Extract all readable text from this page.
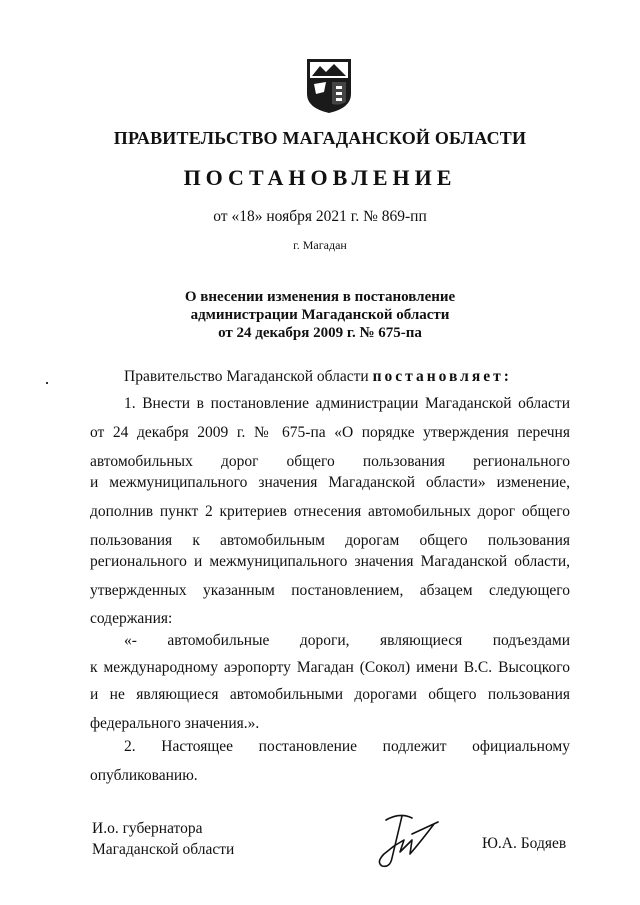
ПРАВИТЕЛЬСТВО МАГАДАНСКОЙ ОБЛАСТИ
ПОСТАНОВЛЕНИЕ
от «18» ноября 2021 г. № 869-пп
г. Магадан
О внесении изменения в постановление
администрации Магаданской области
от 24 декабря 2009 г. № 675-па
Правительство Магаданской области постановляет:
1. Внести в постановление администрации Магаданской области
от 24 декабря 2009 г. № 675-па «О порядке утверждения перечня
автомобильных дорог общего пользования регионального
и межмуниципального значения Магаданской области» изменение,
дополнив пункт 2 критериев отнесения автомобильных дорог общего
пользования к автомобильным дорогам общего пользования
регионального и межмуниципального значения Магаданской области,
утвержденных указанным постановлением, абзацем следующего
содержания:
«- автомобильные дороги, являющиеся подъездами
к международному аэропорту Магадан (Сокол) имени В.С. Высоцкого
и не являющиеся автомобильными дорогами общего пользования
федерального значения.».
2. Настоящее постановление подлежит официальному
опубликованию.
И.о. губернатора
Магаданской области	Ю.А. Бодяев
